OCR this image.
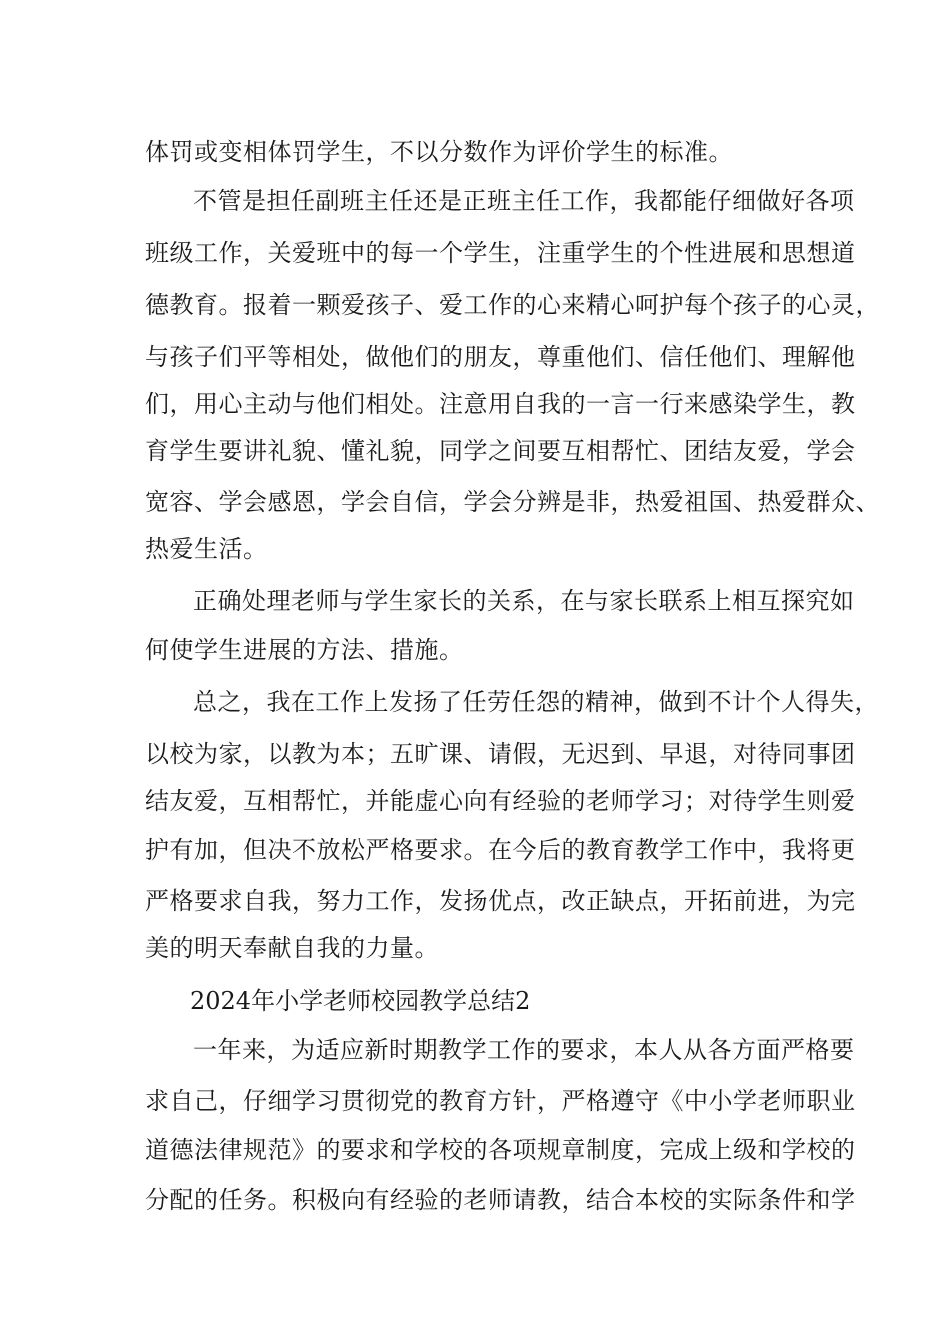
体罚或变相体罚学生，不以分数作为评价学生的标准。
不管是担任副班主任还是正班主任工作，我都能仔细做好各项
班级工作，关爱班中的每一个学生，注重学生的个性进展和思想道
德教育。报着一颗爱孩子、爱工作的心来精心呵护每个孩子的心灵，
与孩子们平等相处，做他们的朋友，尊重他们、信任他们、理解他
们，用心主动与他们相处。注意用自我的一言一行来感染学生，教
育学生要讲礼貌、懂礼貌，同学之间要互相帮忙、团结友爱，学会
宽容、学会感恩，学会自信，学会分辨是非，热爱祖国、热爱群众、
热爱生活。
正确处理老师与学生家长的关系，在与家长联系上相互探究如
何使学生进展的方法、措施。
总之，我在工作上发扬了任劳任怨的精神，做到不计个人得失，
以校为家，以教为本；五旷课、请假，无迟到、早退，对待同事团
结友爱，互相帮忙，并能虚心向有经验的老师学习；对待学生则爱
护有加，但决不放松严格要求。在今后的教育教学工作中，我将更
严格要求自我，努力工作，发扬优点，改正缺点，开拓前进，为完
美的明天奉献自我的力量。
2024年小学老师校园教学总结2
一年来，为适应新时期教学工作的要求，本人从各方面严格要
求自己，仔细学习贯彻党的教育方针，严格遵守《中小学老师职业
道德法律规范》的要求和学校的各项规章制度，完成上级和学校的
分配的任务。积极向有经验的老师请教，结合本校的实际条件和学
